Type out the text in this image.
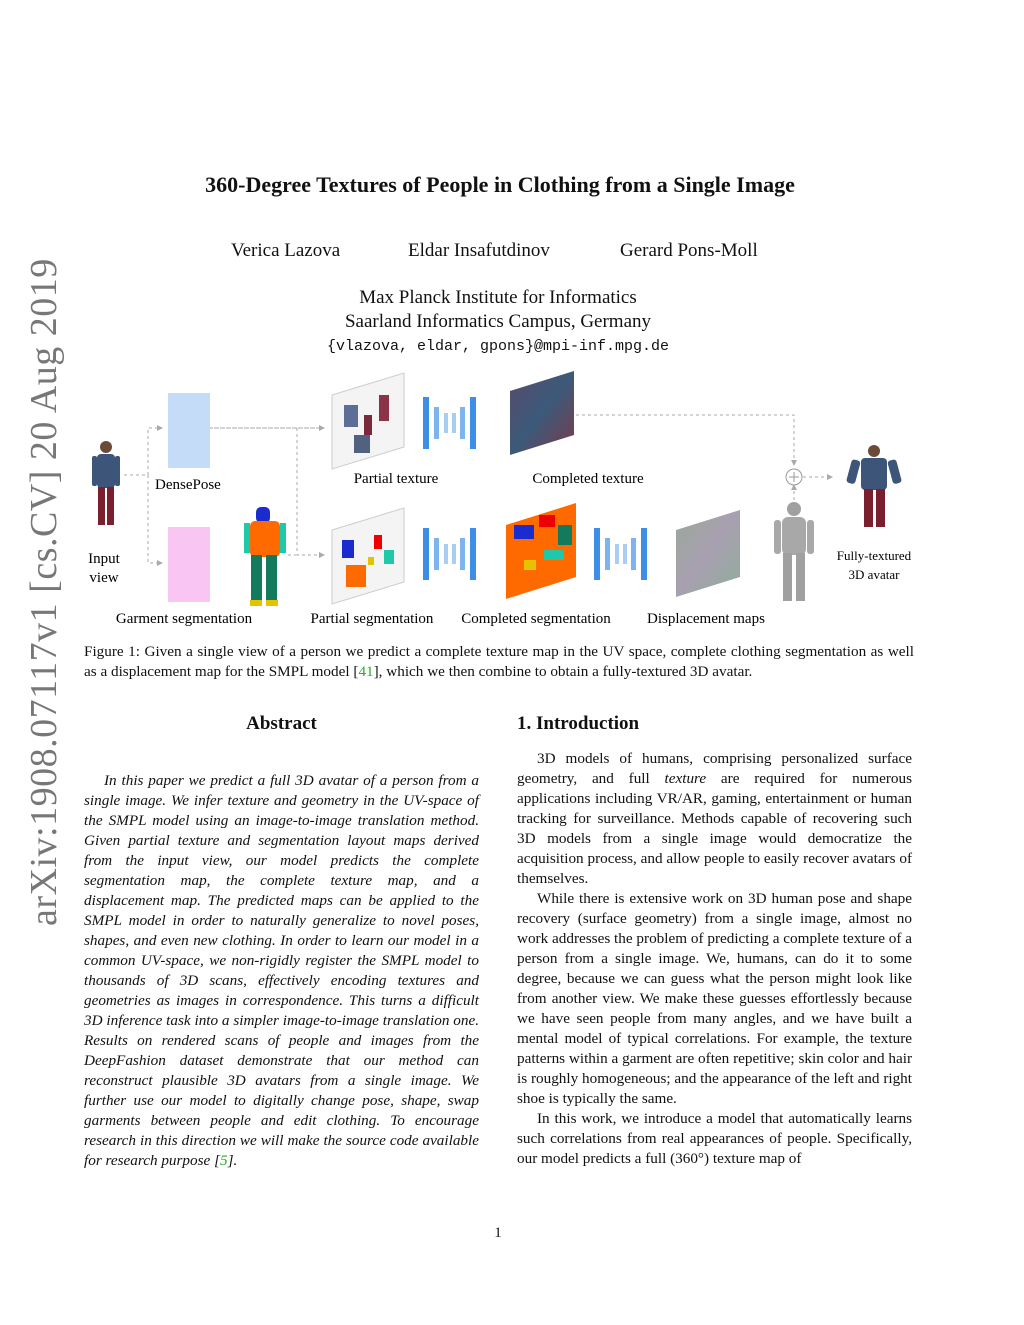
arXiv:1908.07117v1 [cs.CV] 20 Aug 2019
360-Degree Textures of People in Clothing from a Single Image
Verica Lazova	Eldar Insafutdinov	Gerard Pons-Moll
Max Planck Institute for Informatics
Saarland Informatics Campus, Germany
{vlazova, eldar, gpons}@mpi-inf.mpg.de
Input
view
DensePose
Garment segmentation
Partial texture
Partial segmentation
Completed texture
Completed segmentation Displacement maps
Fully-textured
3D avatar
Figure 1: Given a single view of a person we predict a complete texture map in the UV space, complete clothing segmentation as well as a displacement map for the SMPL model [41], which we then combine to obtain a fully-textured 3D avatar.
Abstract
In this paper we predict a full 3D avatar of a person from a single image. We infer texture and geometry in the UV-space of the SMPL model using an image-to-image translation method. Given partial texture and segmentation layout maps derived from the input view, our model predicts the complete segmentation map, the complete texture map, and a displacement map. The predicted maps can be applied to the SMPL model in order to naturally generalize to novel poses, shapes, and even new clothing. In order to learn our model in a common UV-space, we non-rigidly register the SMPL model to thousands of 3D scans, effectively encoding textures and geometries as images in correspondence. This turns a difficult 3D inference task into a simpler image-to-image translation one. Results on rendered scans of people and images from the DeepFashion dataset demonstrate that our method can reconstruct plausible 3D avatars from a single image. We further use our model to digitally change pose, shape, swap garments between people and edit clothing. To encourage research in this direction we will make the source code available for research purpose [5].
1. Introduction

3D models of humans, comprising personalized surface geometry, and full texture are required for numerous applications including VR/AR, gaming, entertainment or human tracking for surveillance. Methods capable of recovering such 3D models from a single image would democratize the acquisition process, and allow people to easily recover avatars of themselves.

While there is extensive work on 3D human pose and shape recovery (surface geometry) from a single image, almost no work addresses the problem of predicting a complete texture of a person from a single image. We, humans, can do it to some degree, because we can guess what the person might look like from another view. We make these guesses effortlessly because we have seen people from many angles, and we have built a mental model of typical correlations. For example, the texture patterns within a garment are often repetitive; skin color and hair is roughly homogeneous; and the appearance of the left and right shoe is typically the same.

In this work, we introduce a model that automatically learns such correlations from real appearances of people. Specifically, our model predicts a full (360°) texture map of

1
